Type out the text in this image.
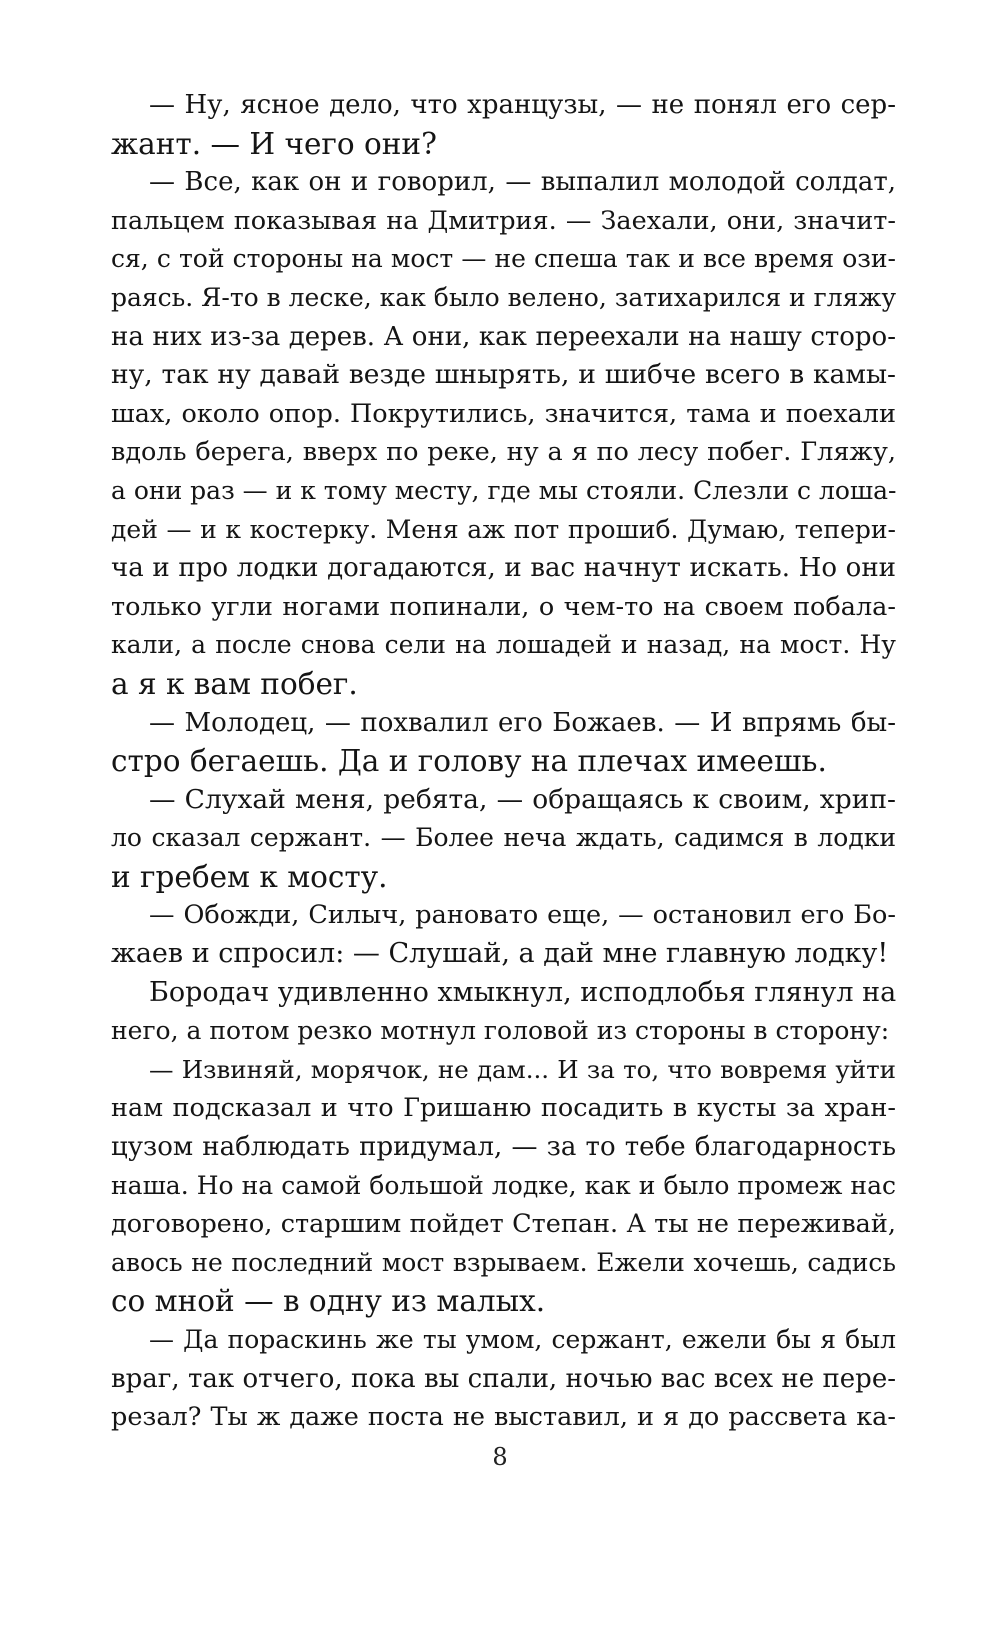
— Ну, ясное дело, что хранцузы, — не понял его сер-
жант. — И чего они?
— Все, как он и говорил, — выпалил молодой солдат,
пальцем показывая на Дмитрия. — Заехали, они, значит-
ся, с той стороны на мост — не спеша так и все время ози-
раясь. Я-то в леске, как было велено, затихарился и гляжу
на них из-за дерев. А они, как переехали на нашу сторо-
ну, так ну давай везде шнырять, и шибче всего в камы-
шах, около опор. Покрутились, значится, тама и поехали
вдоль берега, вверх по реке, ну а я по лесу побег. Гляжу,
а они раз — и к тому месту, где мы стояли. Слезли с лоша-
дей — и к костерку. Меня аж пот прошиб. Думаю, тепери-
ча и про лодки догадаются, и вас начнут искать. Но они
только угли ногами попинали, о чем-то на своем побала-
кали, а после снова сели на лошадей и назад, на мост. Ну
а я к вам побег.
— Молодец, — похвалил его Божаев. — И впрямь бы-
стро бегаешь. Да и голову на плечах имеешь.
— Слухай меня, ребята, — обращаясь к своим, хрип-
ло сказал сержант. — Более неча ждать, садимся в лодки
и гребем к мосту.
— Обожди, Силыч, рановато еще, — остановил его Бо-
жаев и спросил: — Слушай, а дай мне главную лодку!
Бородач удивленно хмыкнул, исподлобья глянул на
него, а потом резко мотнул головой из стороны в сторону:
— Извиняй, морячок, не дам... И за то, что вовремя уйти
нам подсказал и что Гришаню посадить в кусты за хран-
цузом наблюдать придумал, — за то тебе благодарность
наша. Но на самой большой лодке, как и было промеж нас
договорено, старшим пойдет Степан. А ты не переживай,
авось не последний мост взрываем. Ежели хочешь, садись
со мной — в одну из малых.
— Да пораскинь же ты умом, сержант, ежели бы я был
враг, так отчего, пока вы спали, ночью вас всех не пере-
резал? Ты ж даже поста не выставил, и я до рассвета ка-
8
